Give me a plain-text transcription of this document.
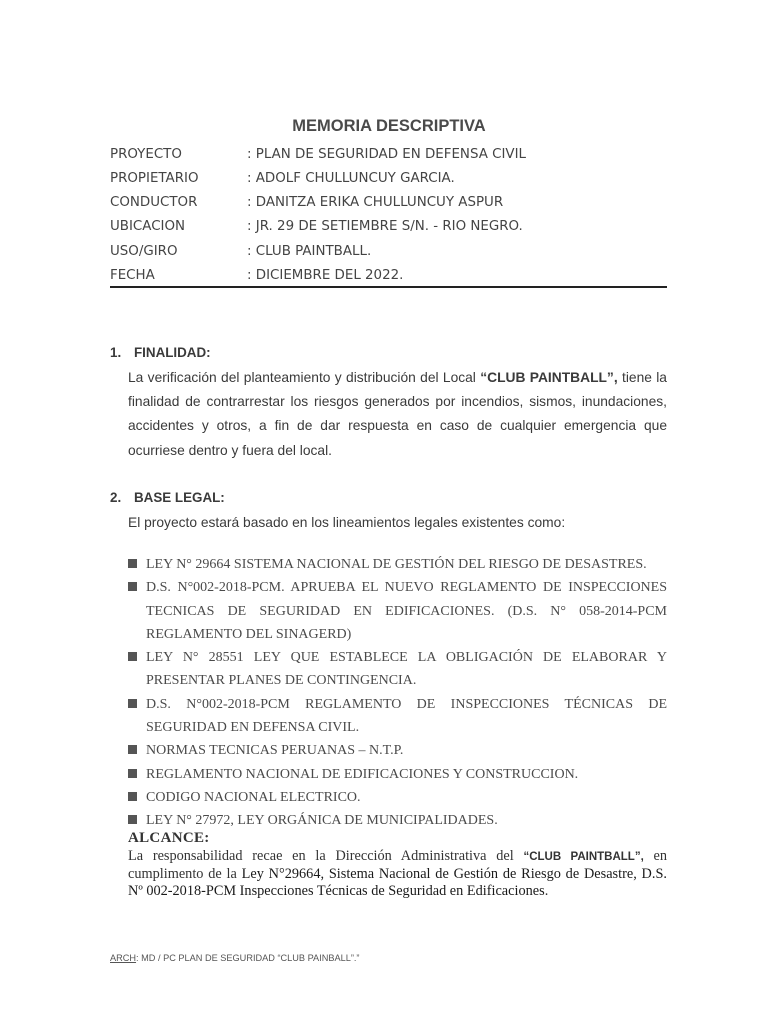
MEMORIA DESCRIPTIVA
PROYECTO	: PLAN DE SEGURIDAD EN DEFENSA CIVIL
PROPIETARIO	: ADOLF CHULLUNCUY GARCIA.
CONDUCTOR	: DANITZA ERIKA CHULLUNCUY ASPUR
UBICACION	: JR. 29 DE SETIEMBRE S/N. - RIO NEGRO.
USO/GIRO	: CLUB PAINTBALL.
FECHA	: DICIEMBRE DEL 2022.
1. FINALIDAD:
La verificación del planteamiento y distribución del Local “CLUB PAINTBALL”, tiene la finalidad de contrarrestar los riesgos generados por incendios, sismos, inundaciones, accidentes y otros, a fin de dar respuesta en caso de cualquier emergencia que ocurriese dentro y fuera del local.
2. BASE LEGAL:
El proyecto estará basado en los lineamientos legales existentes como:
LEY N° 29664 SISTEMA NACIONAL DE GESTIÓN DEL RIESGO DE DESASTRES.
D.S. N°002-2018-PCM. APRUEBA EL NUEVO REGLAMENTO DE INSPECCIONES TECNICAS DE SEGURIDAD EN EDIFICACIONES. (D.S. N° 058-2014-PCM REGLAMENTO DEL SINAGERD)
LEY N° 28551 LEY QUE ESTABLECE LA OBLIGACIÓN DE ELABORAR Y PRESENTAR PLANES DE CONTINGENCIA.
D.S. N°002-2018-PCM REGLAMENTO DE INSPECCIONES TÉCNICAS DE SEGURIDAD EN DEFENSA CIVIL.
NORMAS TECNICAS PERUANAS – N.T.P.
REGLAMENTO NACIONAL DE EDIFICACIONES Y CONSTRUCCION.
CODIGO NACIONAL ELECTRICO.
LEY N° 27972, LEY ORGÁNICA DE MUNICIPALIDADES.
ALCANCE:
La responsabilidad recae en la Dirección Administrativa del “CLUB PAINTBALL”, en cumplimento de la Ley N°29664, Sistema Nacional de Gestión de Riesgo de Desastre, D.S. Nº 002-2018-PCM Inspecciones Técnicas de Seguridad en Edificaciones.
ARCH: MD / PC PLAN DE SEGURIDAD “CLUB PAINBALL”.”
